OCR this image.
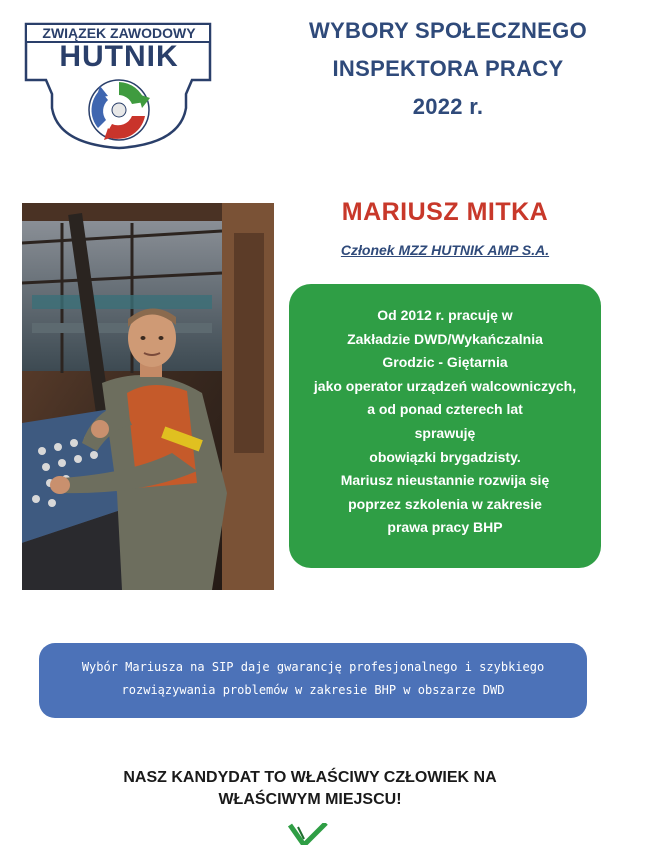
ZWIĄZEK ZAWODOWY
HUTNIK
WYBORY SPOŁECZNEGO
INSPEKTORA PRACY
2022 r.
MARIUSZ MITKA
Członek MZZ HUTNIK AMP S.A.
Od 2012 r. pracuję w
Zakładzie DWD/Wykańczalnia
Grodzic - Giętarnia
jako operator urządzeń walcowniczych,
a od ponad czterech lat
sprawuję
obowiązki brygadzisty.
Mariusz nieustannie rozwija się
poprzez szkolenia w zakresie
prawa pracy BHP
Wybór Mariusza na SIP daje gwarancję profesjonalnego i szybkiego
rozwiązywania problemów w zakresie BHP w obszarze DWD
NASZ KANDYDAT TO WŁAŚCIWY CZŁOWIEK NA
WŁAŚCIWYM MIEJSCU!
